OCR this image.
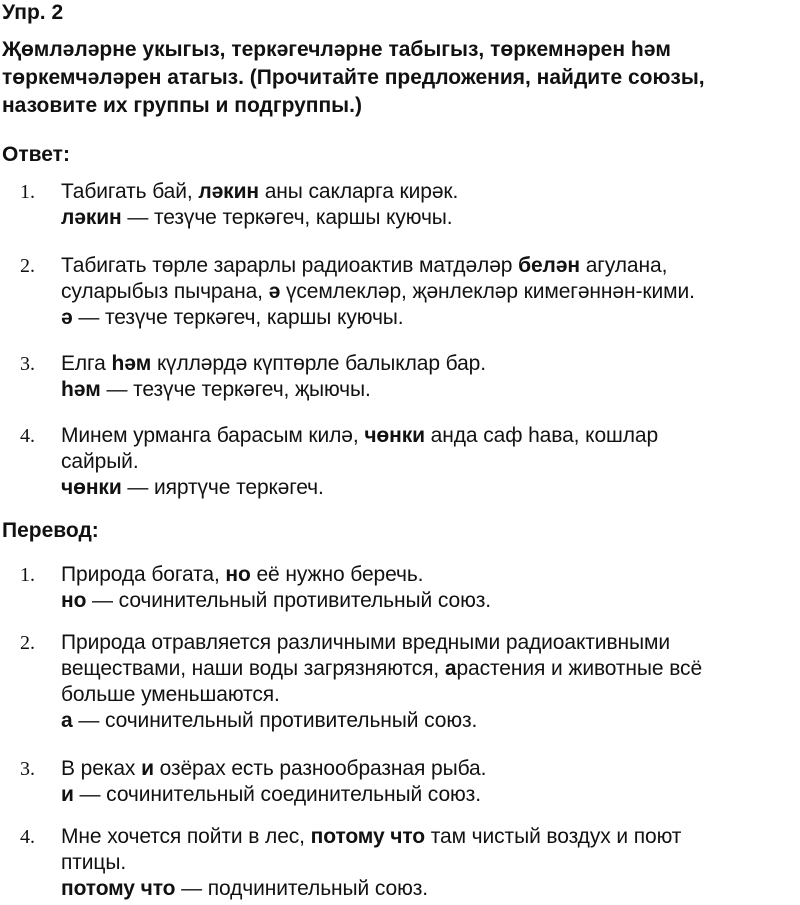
Упр. 2
Җөмләләрне укыгыз, теркәгечләрне табыгыз, төркемнәрен һәм
төркемчәләрен атагыз. (Прочитайте предложения, найдите союзы,
назовите их группы и подгруппы.)
Ответ:
1. Табигать бай, ләкин аны сакларга кирәк.
ләкин — тезүче теркәгеч, каршы куючы.
2. Табигать төрле зарарлы радиоактив матдәләр белән агулана,
суларыбыз пычрана, ә үсемлекләр, җәнлекләр кимегәннән-кими.
ә — тезүче теркәгеч, каршы куючы.
3. Елга һәм күлләрдә күптөрле балыклар бар.
һәм — тезүче теркәгеч, җыючы.
4. Минем урманга барасым килә, чөнки анда саф һава, кошлар
сайрый.
чөнки — ияртүче теркәгеч.
Перевод:
1. Природа богата, но её нужно беречь.
но — сочинительный противительный союз.
2. Природа отравляется различными вредными радиоактивными
веществами, наши воды загрязняются, арастения и животные всё
больше уменьшаются.
а — сочинительный противительный союз.
3. В реках и озёрах есть разнообразная рыба.
и — сочинительный соединительный союз.
4. Мне хочется пойти в лес, потому что там чистый воздух и поют
птицы.
потому что — подчинительный союз.
